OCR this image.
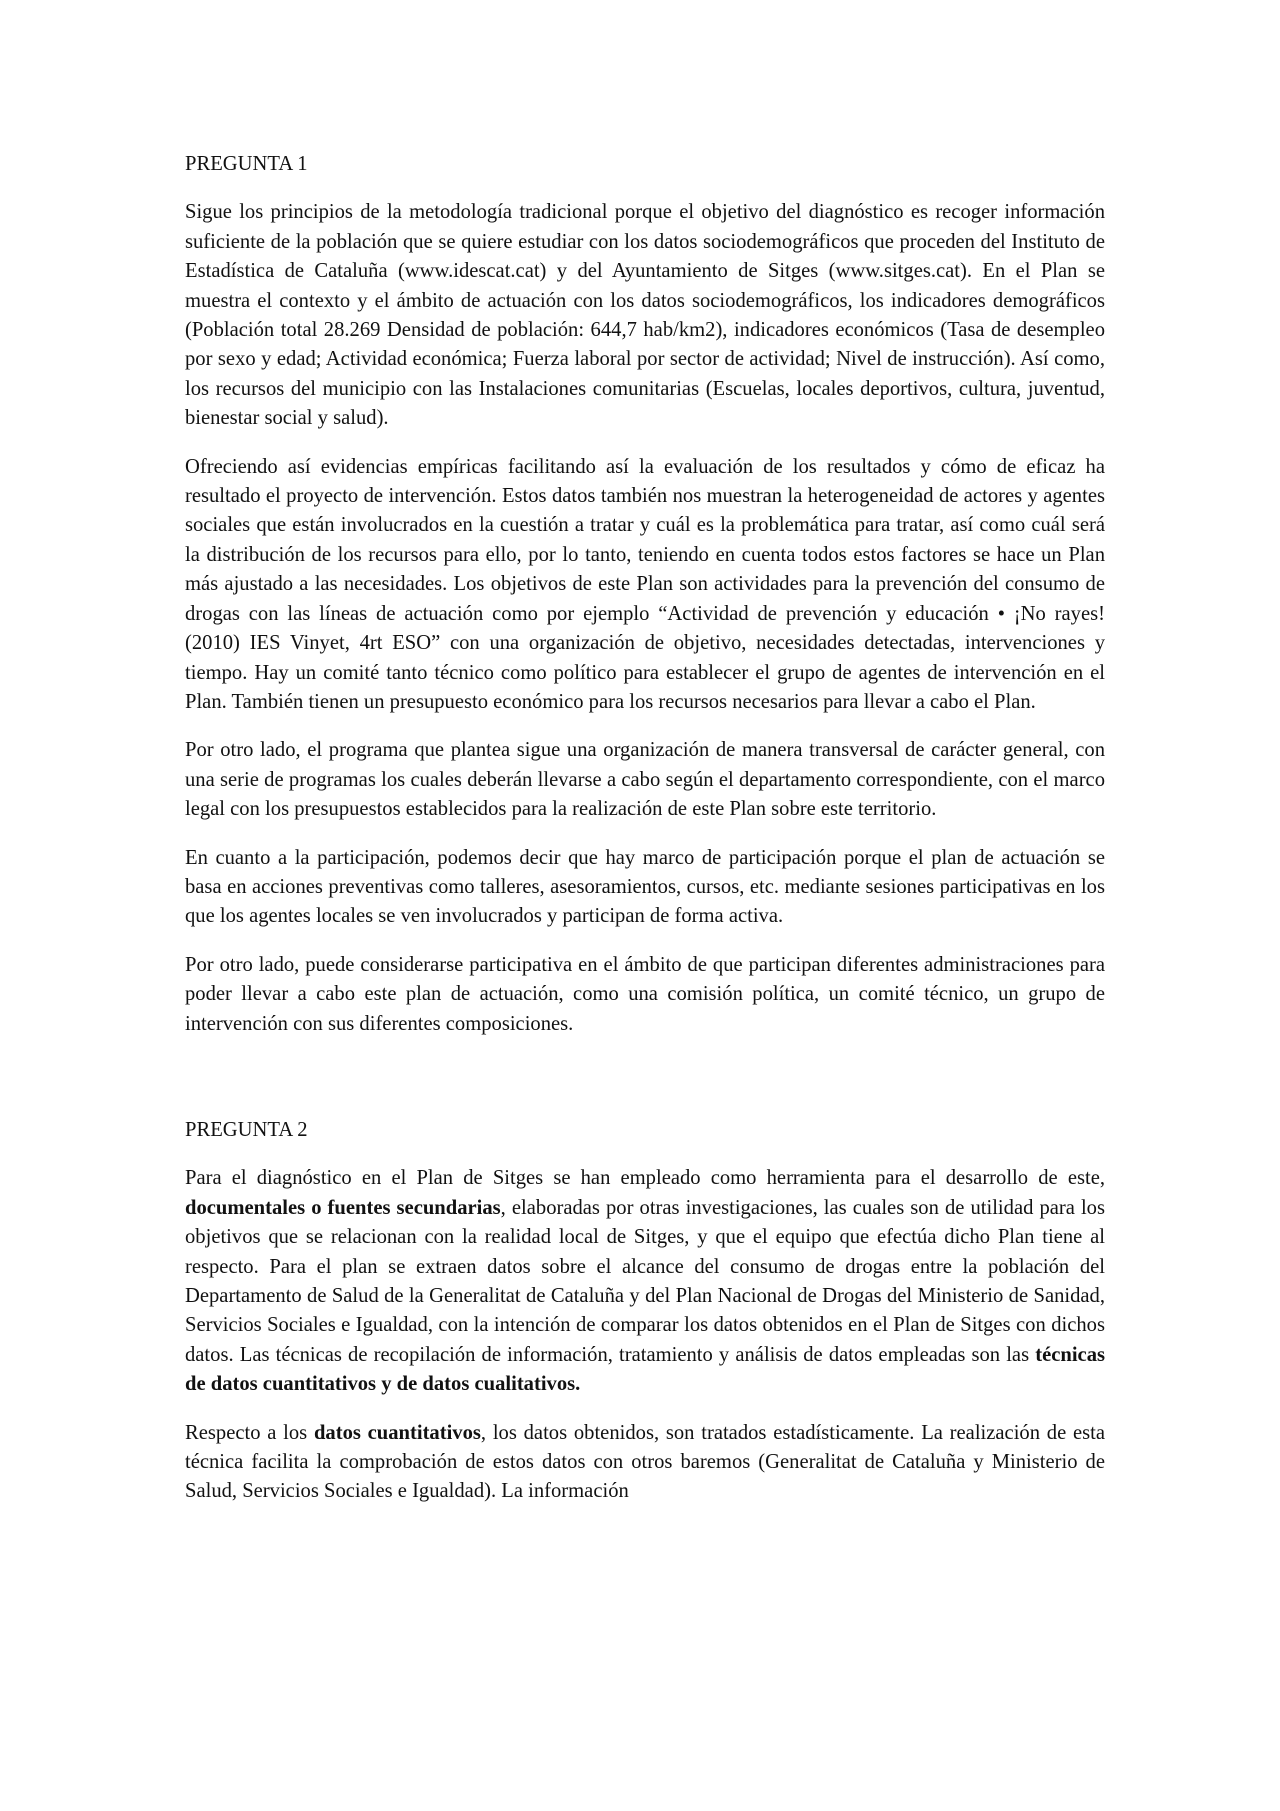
PREGUNTA 1

Sigue los principios de la metodología tradicional porque el objetivo del diagnóstico es recoger información suficiente de la población que se quiere estudiar con los datos sociodemográficos que proceden del Instituto de Estadística de Cataluña (www.idescat.cat) y del Ayuntamiento de Sitges (www.sitges.cat). En el Plan se muestra el contexto y el ámbito de actuación con los datos sociodemográficos, los indicadores demográficos (Población total 28.269 Densidad de población: 644,7 hab/km2), indicadores económicos (Tasa de desempleo por sexo y edad; Actividad económica; Fuerza laboral por sector de actividad; Nivel de instrucción). Así como, los recursos del municipio con las Instalaciones comunitarias (Escuelas, locales deportivos, cultura, juventud, bienestar social y salud).

Ofreciendo así evidencias empíricas facilitando así la evaluación de los resultados y cómo de eficaz ha resultado el proyecto de intervención. Estos datos también nos muestran la heterogeneidad de actores y agentes sociales que están involucrados en la cuestión a tratar y cuál es la problemática para tratar, así como cuál será la distribución de los recursos para ello, por lo tanto, teniendo en cuenta todos estos factores se hace un Plan más ajustado a las necesidades. Los objetivos de este Plan son actividades para la prevención del consumo de drogas con las líneas de actuación como por ejemplo “Actividad de prevención y educación • ¡No rayes! (2010) IES Vinyet, 4rt ESO” con una organización de objetivo, necesidades detectadas, intervenciones y tiempo. Hay un comité tanto técnico como político para establecer el grupo de agentes de intervención en el Plan. También tienen un presupuesto económico para los recursos necesarios para llevar a cabo el Plan.

Por otro lado, el programa que plantea sigue una organización de manera transversal de carácter general, con una serie de programas los cuales deberán llevarse a cabo según el departamento correspondiente, con el marco legal con los presupuestos establecidos para la realización de este Plan sobre este territorio.

En cuanto a la participación, podemos decir que hay marco de participación porque el plan de actuación se basa en acciones preventivas como talleres, asesoramientos, cursos, etc. mediante sesiones participativas en los que los agentes locales se ven involucrados y participan de forma activa.

Por otro lado, puede considerarse participativa en el ámbito de que participan diferentes administraciones para poder llevar a cabo este plan de actuación, como una comisión política, un comité técnico, un grupo de intervención con sus diferentes composiciones.

PREGUNTA 2

Para el diagnóstico en el Plan de Sitges se han empleado como herramienta para el desarrollo de este, documentales o fuentes secundarias, elaboradas por otras investigaciones, las cuales son de utilidad para los objetivos que se relacionan con la realidad local de Sitges, y que el equipo que efectúa dicho Plan tiene al respecto. Para el plan se extraen datos sobre el alcance del consumo de drogas entre la población del Departamento de Salud de la Generalitat de Cataluña y del Plan Nacional de Drogas del Ministerio de Sanidad, Servicios Sociales e Igualdad, con la intención de comparar los datos obtenidos en el Plan de Sitges con dichos datos. Las técnicas de recopilación de información, tratamiento y análisis de datos empleadas son las técnicas de datos cuantitativos y de datos cualitativos.

Respecto a los datos cuantitativos, los datos obtenidos, son tratados estadísticamente. La realización de esta técnica facilita la comprobación de estos datos con otros baremos (Generalitat de Cataluña y Ministerio de Salud, Servicios Sociales e Igualdad). La información
